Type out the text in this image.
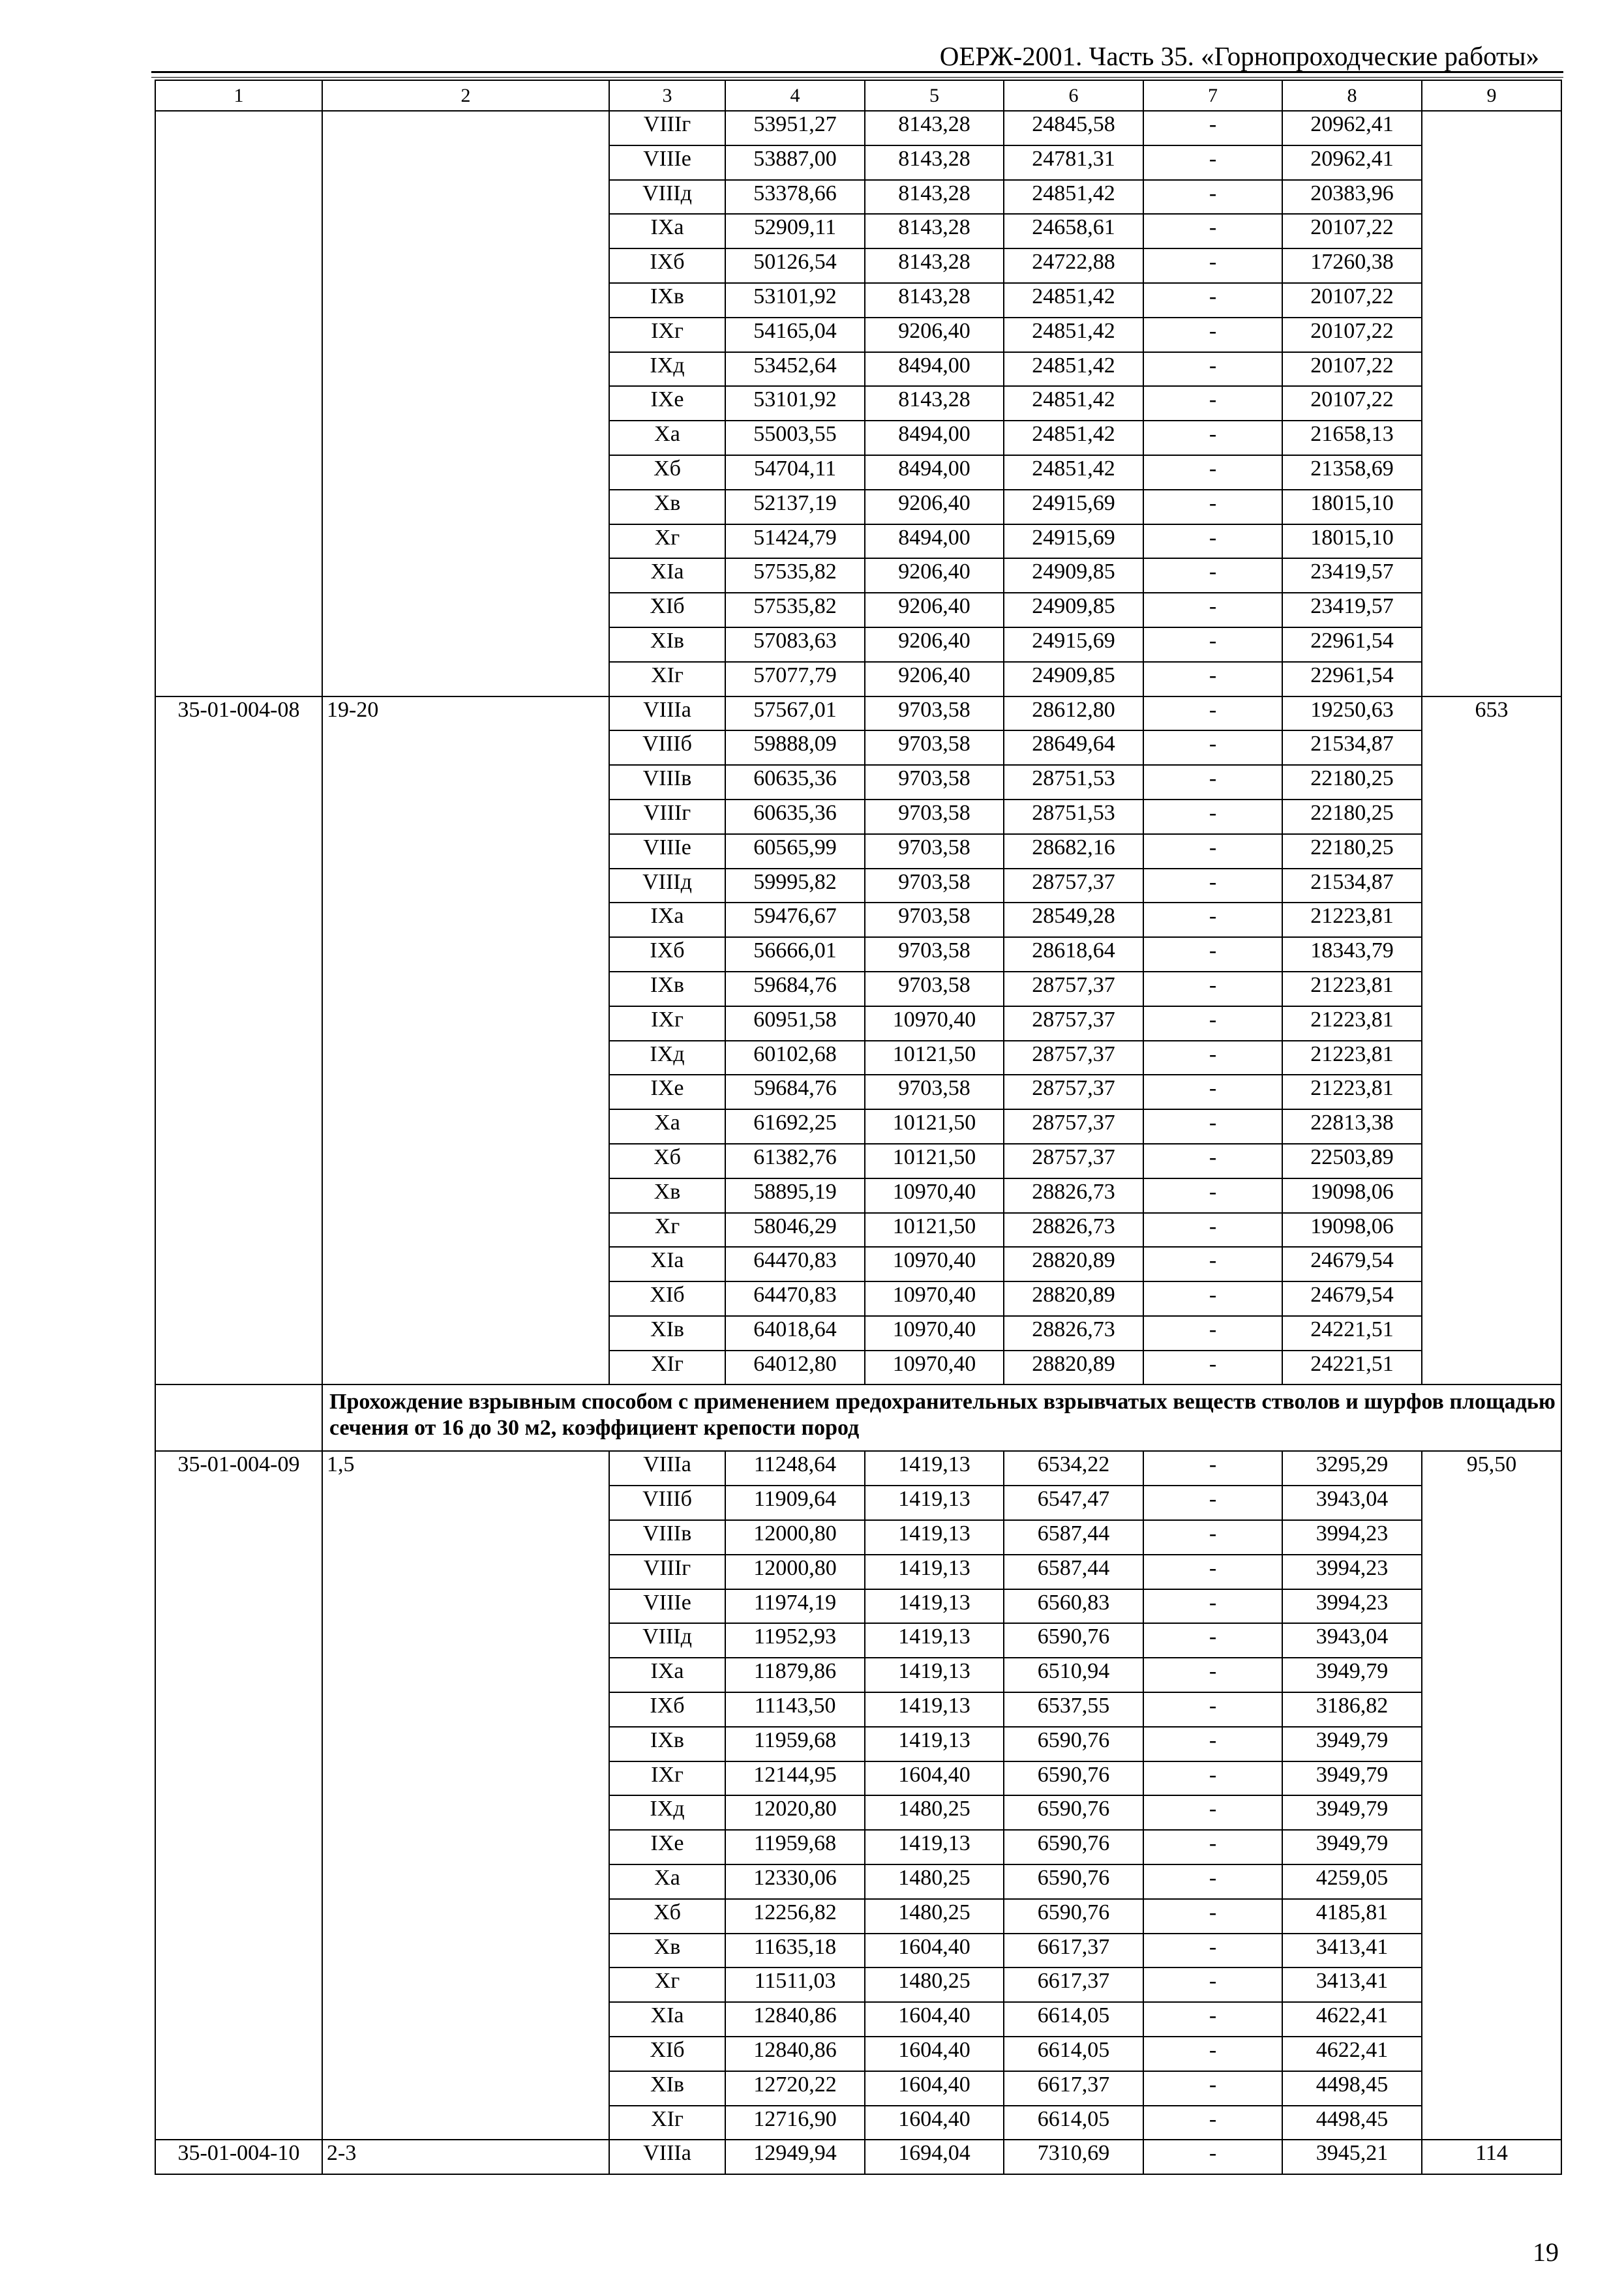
ОЕРЖ-2001. Часть 35. «Горнопроходческие работы»
1	2	3	4	5	6	7	8	9
		VIIIг	53951,27	8143,28	24845,58	-	20962,41	
		VIIIе	53887,00	8143,28	24781,31	-	20962,41	
		VIIIд	53378,66	8143,28	24851,42	-	20383,96	
		IXа	52909,11	8143,28	24658,61	-	20107,22	
		IXб	50126,54	8143,28	24722,88	-	17260,38	
		IXв	53101,92	8143,28	24851,42	-	20107,22	
		IXг	54165,04	9206,40	24851,42	-	20107,22	
		IXд	53452,64	8494,00	24851,42	-	20107,22	
		IXе	53101,92	8143,28	24851,42	-	20107,22	
		Xа	55003,55	8494,00	24851,42	-	21658,13	
		Xб	54704,11	8494,00	24851,42	-	21358,69	
		Xв	52137,19	9206,40	24915,69	-	18015,10	
		Xг	51424,79	8494,00	24915,69	-	18015,10	
		XIа	57535,82	9206,40	24909,85	-	23419,57	
		XIб	57535,82	9206,40	24909,85	-	23419,57	
		XIв	57083,63	9206,40	24915,69	-	22961,54	
		XIг	57077,79	9206,40	24909,85	-	22961,54	
35-01-004-08	19-20	VIIIа	57567,01	9703,58	28612,80	-	19250,63	653
		VIIIб	59888,09	9703,58	28649,64	-	21534,87	
		VIIIв	60635,36	9703,58	28751,53	-	22180,25	
		VIIIг	60635,36	9703,58	28751,53	-	22180,25	
		VIIIе	60565,99	9703,58	28682,16	-	22180,25	
		VIIIд	59995,82	9703,58	28757,37	-	21534,87	
		IXа	59476,67	9703,58	28549,28	-	21223,81	
		IXб	56666,01	9703,58	28618,64	-	18343,79	
		IXв	59684,76	9703,58	28757,37	-	21223,81	
		IXг	60951,58	10970,40	28757,37	-	21223,81	
		IXд	60102,68	10121,50	28757,37	-	21223,81	
		IXе	59684,76	9703,58	28757,37	-	21223,81	
		Xа	61692,25	10121,50	28757,37	-	22813,38	
		Xб	61382,76	10121,50	28757,37	-	22503,89	
		Xв	58895,19	10970,40	28826,73	-	19098,06	
		Xг	58046,29	10121,50	28826,73	-	19098,06	
		XIа	64470,83	10970,40	28820,89	-	24679,54	
		XIб	64470,83	10970,40	28820,89	-	24679,54	
		XIв	64018,64	10970,40	28826,73	-	24221,51	
		XIг	64012,80	10970,40	28820,89	-	24221,51	
	Прохождение взрывным способом с применением предохранительных взрывчатых веществ стволов и шурфов площадью сечения от 16 до 30 м2, коэффициент крепости пород							
35-01-004-09	1,5	VIIIа	11248,64	1419,13	6534,22	-	3295,29	95,50
		VIIIб	11909,64	1419,13	6547,47	-	3943,04	
		VIIIв	12000,80	1419,13	6587,44	-	3994,23	
		VIIIг	12000,80	1419,13	6587,44	-	3994,23	
		VIIIе	11974,19	1419,13	6560,83	-	3994,23	
		VIIIд	11952,93	1419,13	6590,76	-	3943,04	
		IXа	11879,86	1419,13	6510,94	-	3949,79	
		IXб	11143,50	1419,13	6537,55	-	3186,82	
		IXв	11959,68	1419,13	6590,76	-	3949,79	
		IXг	12144,95	1604,40	6590,76	-	3949,79	
		IXд	12020,80	1480,25	6590,76	-	3949,79	
		IXе	11959,68	1419,13	6590,76	-	3949,79	
		Xа	12330,06	1480,25	6590,76	-	4259,05	
		Xб	12256,82	1480,25	6590,76	-	4185,81	
		Xв	11635,18	1604,40	6617,37	-	3413,41	
		Xг	11511,03	1480,25	6617,37	-	3413,41	
		XIа	12840,86	1604,40	6614,05	-	4622,41	
		XIб	12840,86	1604,40	6614,05	-	4622,41	
		XIв	12720,22	1604,40	6617,37	-	4498,45	
		XIг	12716,90	1604,40	6614,05	-	4498,45	
35-01-004-10	2-3	VIIIа	12949,94	1694,04	7310,69	-	3945,21	114
19
